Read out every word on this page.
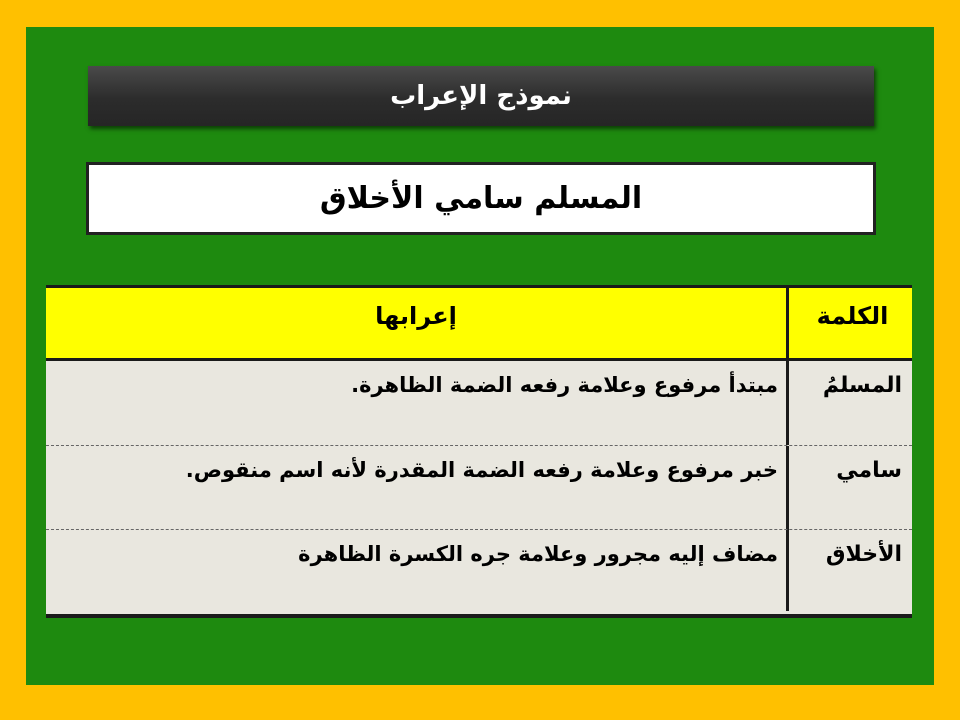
نموذج الإعراب
المسلم سامي الأخلاق
الكلمة
إعرابها
المسلمُ
مبتدأ مرفوع وعلامة رفعه الضمة الظاهرة.
سامي
خبر مرفوع وعلامة رفعه الضمة المقدرة لأنه اسم منقوص.
الأخلاق
مضاف إليه مجرور وعلامة جره الكسرة الظاهرة
